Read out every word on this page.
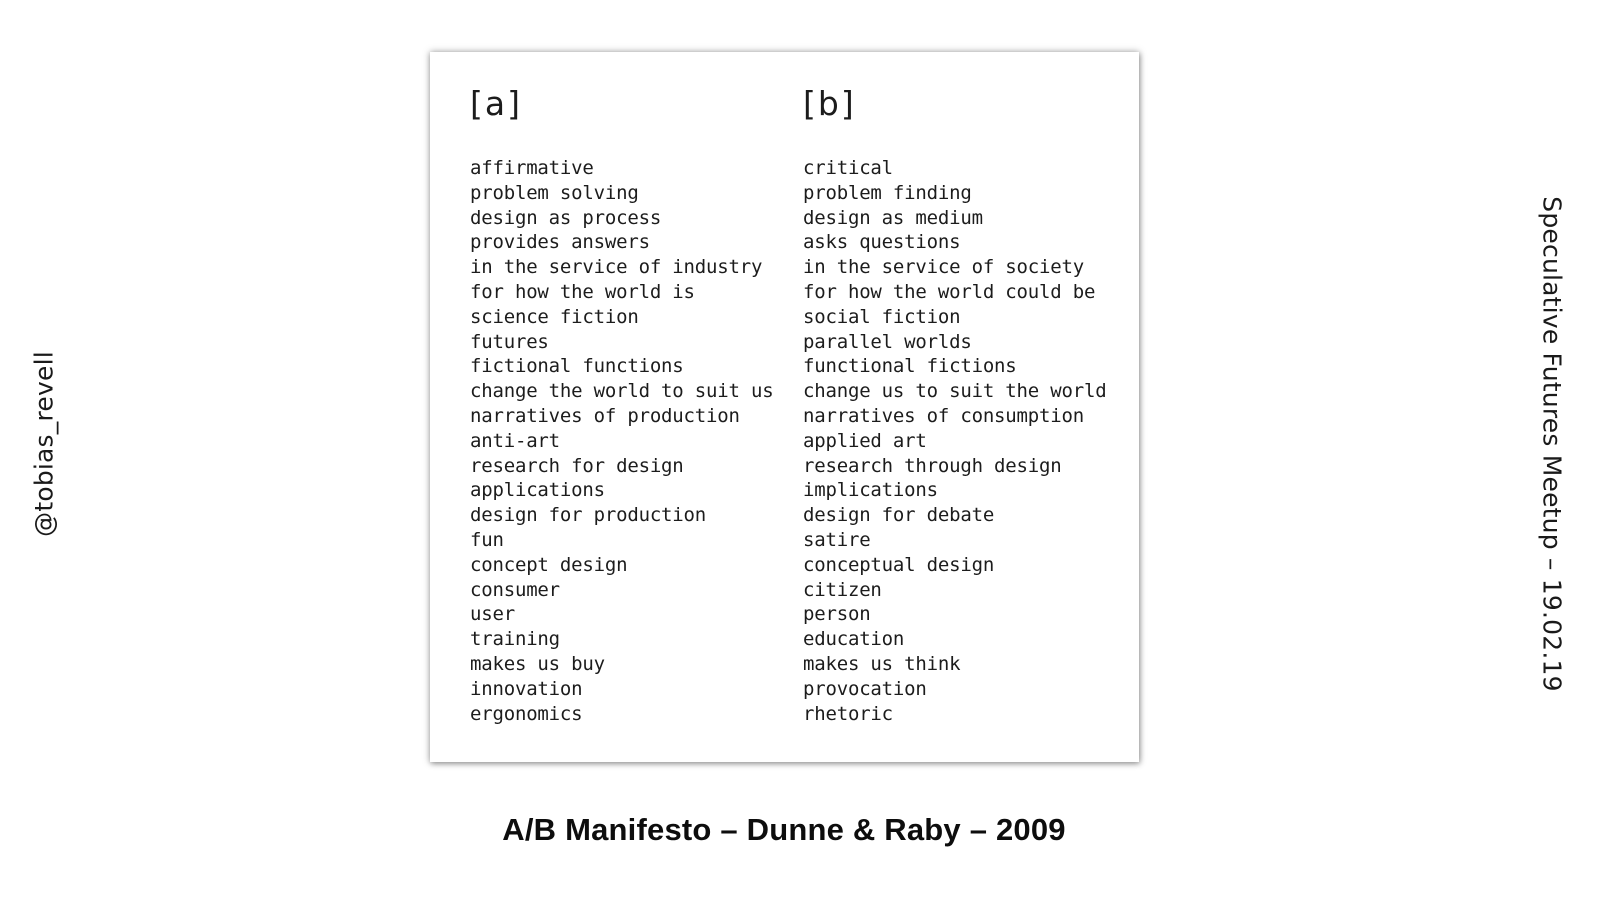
@tobias_revell	Speculative Futures Meetup – 19.02.19
[a]
affirmative
problem solving
design as process
provides answers
in the service of industry
for how the world is
science fiction
futures
fictional functions
change the world to suit us
narratives of production
anti-art
research for design
applications
design for production
fun
concept design
consumer
user
training
makes us buy
innovation
ergonomics
[b]
critical
problem finding
design as medium
asks questions
in the service of society
for how the world could be
social fiction
parallel worlds
functional fictions
change us to suit the world
narratives of consumption
applied art
research through design
implications
design for debate
satire
conceptual design
citizen
person
education
makes us think
provocation
rhetoric
A/B Manifesto – Dunne & Raby – 2009
